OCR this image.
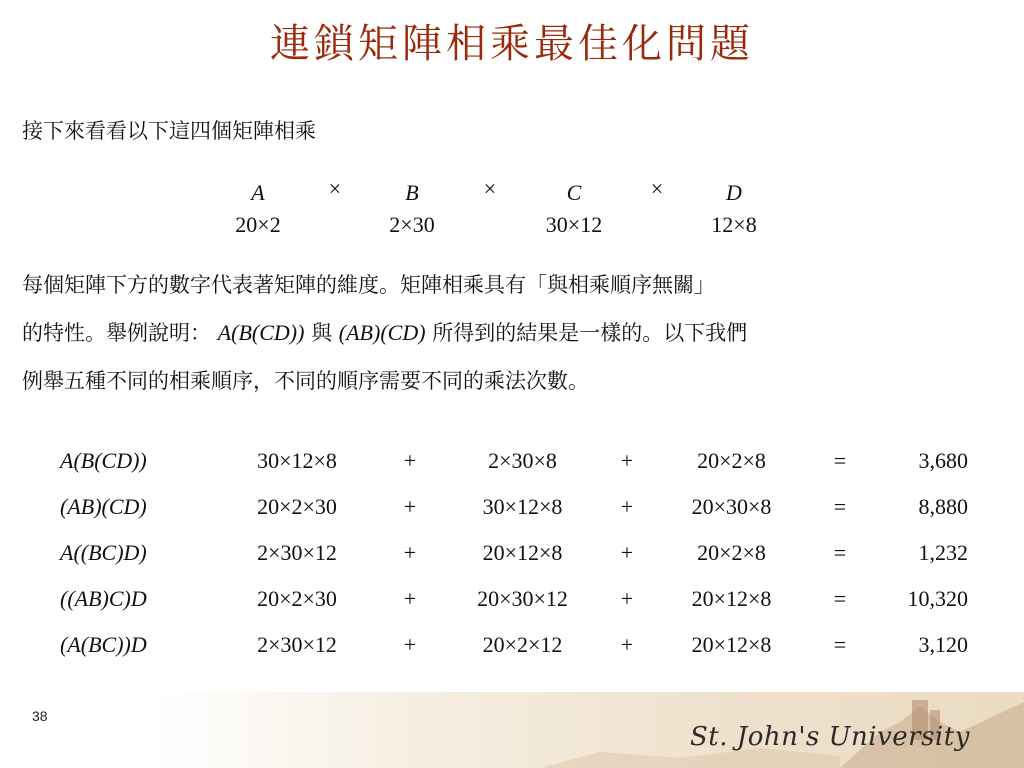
連鎖矩陣相乘最佳化問題
接下來看看以下這四個矩陣相乘
A
20×2
×	B
2×30
×	C
30×12
×	D
12×8
每個矩陣下方的數字代表著矩陣的維度。矩陣相乘具有「與相乘順序無關」
的特性。舉例說明： A(B(CD)) 與 (AB)(CD) 所得到的結果是一樣的。以下我們
例舉五種不同的相乘順序，不同的順序需要不同的乘法次數。
A(B(CD))	30×12×8	+	2×30×8	+	20×2×8	=	3,680
(AB)(CD)	20×2×30	+	30×12×8	+	20×30×8	=	8,880
A((BC)D)	2×30×12	+	20×12×8	+	20×2×8	=	1,232
((AB)C)D	20×2×30	+	20×30×12	+	20×12×8	=	10,320
(A(BC))D	2×30×12	+	20×2×12	+	20×12×8	=	3,120
38
St. John's University
